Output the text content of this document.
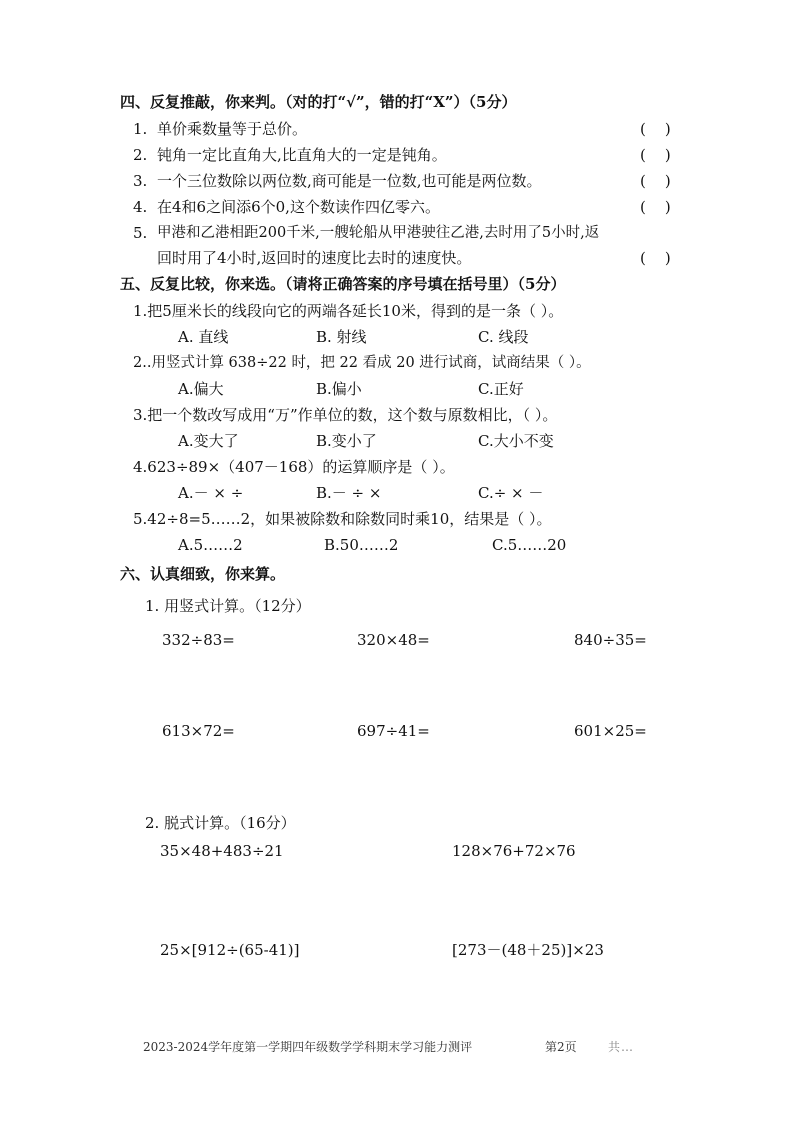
四、反复推敲，你来判。（对的打“√”，错的打“X”）（5分）
1. 单价乘数量等于总价。	(    )
2. 钝角一定比直角大,比直角大的一定是钝角。	(    )
3. 一个三位数除以两位数,商可能是一位数,也可能是两位数。	(    )
4. 在4和6之间添6个0,这个数读作四亿零六。	(    )
5. 甲港和乙港相距200千米,一艘轮船从甲港驶往乙港,去时用了5小时,返
回时用了4小时,返回时的速度比去时的速度快。	(    )
五、反复比较，你来选。（请将正确答案的序号填在括号里）（5分）
1.把5厘米长的线段向它的两端各延长10米，得到的是一条（ ）。
A. 直线	B. 射线	C. 线段
2..用竖式计算 638÷22 时，把 22 看成 20 进行试商，试商结果（ ）。
A.偏大	B.偏小	C.正好
3.把一个数改写成用“万”作单位的数，这个数与原数相比，（ ）。
A.变大了	B.变小了	C.大小不变
4.623÷89×（407－168）的运算顺序是（ ）。
A.－ × ÷	B.－ ÷ ×	C.÷ × －
5.42÷8=5……2，如果被除数和除数同时乘10，结果是（ ）。
A.5……2	B.50……2	C.5……20
六、认真细致，你来算。
1. 用竖式计算。（12分）
332÷83=	320×48=	840÷35=
613×72=	697÷41=	601×25=
2. 脱式计算。（16分）
35×48+483÷21	128×76+72×76
25×[912÷(65-41)]	[273－(48＋25)]×23
2023-2024学年度第一学期四年级数学学科期末学习能力测评	第2页	共…
